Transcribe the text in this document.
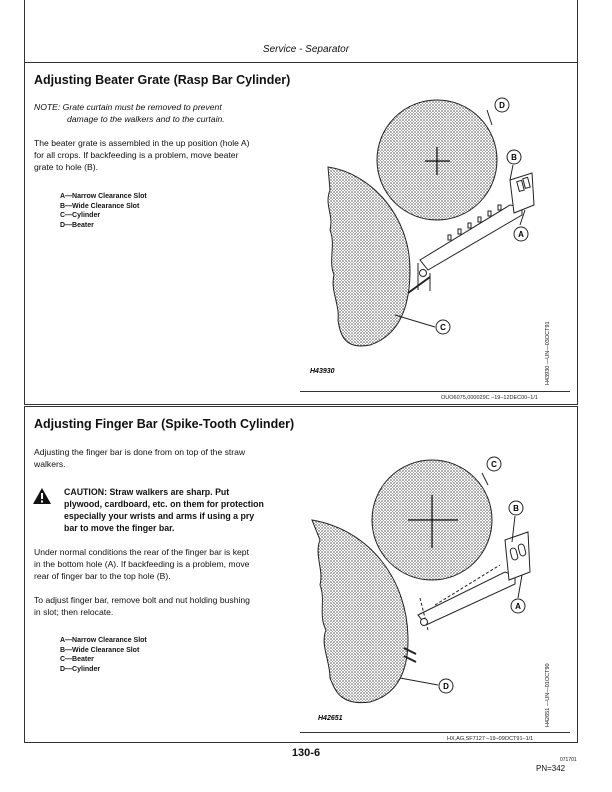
Service - Separator
Adjusting Beater Grate (Rasp Bar Cylinder)
NOTE: Grate curtain must be removed to prevent
damage to the walkers and to the curtain.
The beater grate is assembled in the up position (hole A)
for all crops. If backfeeding is a problem, move beater
grate to hole (B).
A—Narrow Clearance Slot
B—Wide Clearance Slot
C—Cylinder
D—Beater
D
B
A
C
H43930	H43930 —UN—03OCT91
OUO6075,000029C –19–12DEC00–1/1
Adjusting Finger Bar (Spike-Tooth Cylinder)
Adjusting the finger bar is done from on top of the straw
walkers.
CAUTION: Straw walkers are sharp. Put
plywood, cardboard, etc. on them for protection
especially your wrists and arms if using a pry
bar to move the finger bar.
Under normal conditions the rear of the finger bar is kept
in the bottom hole (A). If backfeeding is a problem, move
rear of finger bar to the top hole (B).
To adjust finger bar, remove bolt and nut holding bushing
in slot; then relocate.
A—Narrow Clearance Slot
B—Wide Clearance Slot
C—Beater
D—Cylinder
C
B
A
D
H42651	H42651 —UN—01OCT90
HX,AG,SF7127 –19–09OCT91–1/1
130-6
071701
PN=342
